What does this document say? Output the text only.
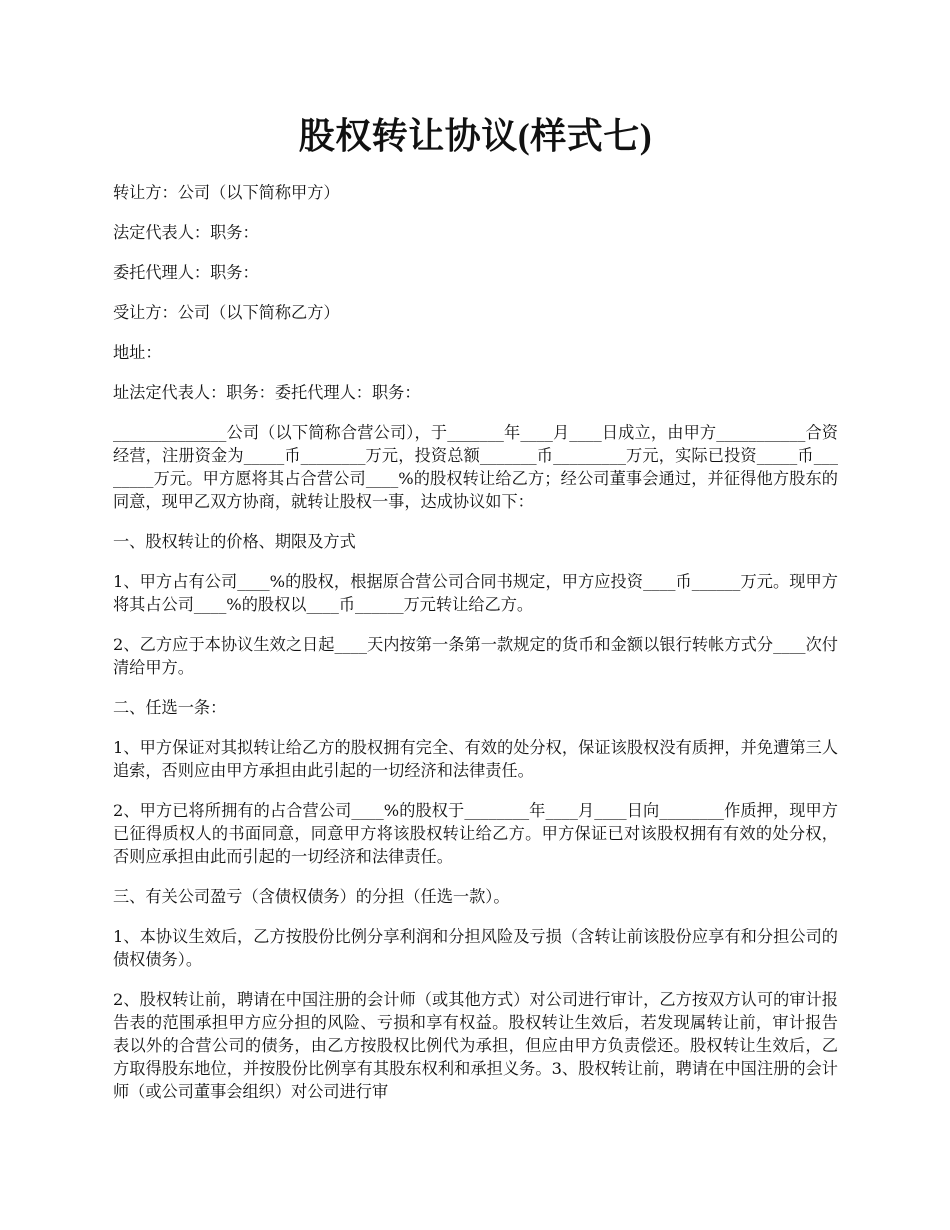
股权转让协议(样式七)
转让方：公司（以下简称甲方）
法定代表人：职务：
委托代理人：职务：
受让方：公司（以下简称乙方）
地址：
址法定代表人：职务：委托代理人：职务：
______________公司（以下简称合营公司），于_______年____月____日成立，由甲方___________合资经营，注册资金为_____币________万元，投资总额_______币_________万元，实际已投资_____币________万元。甲方愿将其占合营公司____%的股权转让给乙方；经公司董事会通过，并征得他方股东的同意，现甲乙双方协商，就转让股权一事，达成协议如下：
一、股权转让的价格、期限及方式
1、甲方占有公司____%的股权，根据原合营公司合同书规定，甲方应投资____币______万元。现甲方将其占公司____%的股权以____币______万元转让给乙方。
2、乙方应于本协议生效之日起____天内按第一条第一款规定的货币和金额以银行转帐方式分____次付清给甲方。
二、任选一条：
1、甲方保证对其拟转让给乙方的股权拥有完全、有效的处分权，保证该股权没有质押，并免遭第三人追索，否则应由甲方承担由此引起的一切经济和法律责任。
2、甲方已将所拥有的占合营公司____%的股权于________年____月____日向________作质押，现甲方已征得质权人的书面同意，同意甲方将该股权转让给乙方。甲方保证已对该股权拥有有效的处分权，否则应承担由此而引起的一切经济和法律责任。
三、有关公司盈亏（含债权债务）的分担（任选一款）。
1、本协议生效后，乙方按股份比例分享利润和分担风险及亏损（含转让前该股份应享有和分担公司的债权债务）。
2、股权转让前，聘请在中国注册的会计师（或其他方式）对公司进行审计，乙方按双方认可的审计报告表的范围承担甲方应分担的风险、亏损和享有权益。股权转让生效后，若发现属转让前，审计报告表以外的合营公司的债务，由乙方按股权比例代为承担，但应由甲方负责偿还。股权转让生效后，乙方取得股东地位，并按股份比例享有其股东权利和承担义务。3、股权转让前，聘请在中国注册的会计师（或公司董事会组织）对公司进行审
